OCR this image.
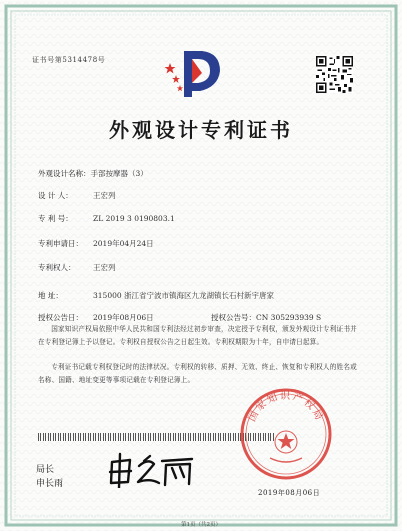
证书号第5314478号
外观设计专利证书
外观设计名称：手部按摩器（3）
设 计 人：	王宏列
专 利 号：	ZL 2019 3 0190803.1
专利申请日： 2019年04月24日
专利权人： 王宏列
地 址：	315000 浙江省宁波市镇海区九龙湖镇长石村新宇唐家
授权公告日： 2019年08月06日	授权公告号：CN 305293939 S
国家知识产权局依照中华人民共和国专利法经过初步审查，决定授予专利权，颁发外观设计专利证书并在专利登记簿上予以登记。专利权自授权公告之日起生效。专利权期限为十年，自申请日起算。
专利证书记载专利权登记时的法律状况。专利权的转移、质押、无效、终止、恢复和专利权人的姓名或名称、国籍、地址变更等事项记载在专利登记簿上。
局长
申长雨
国家知识产权局
2019年08月06日
第1页（共2页）
